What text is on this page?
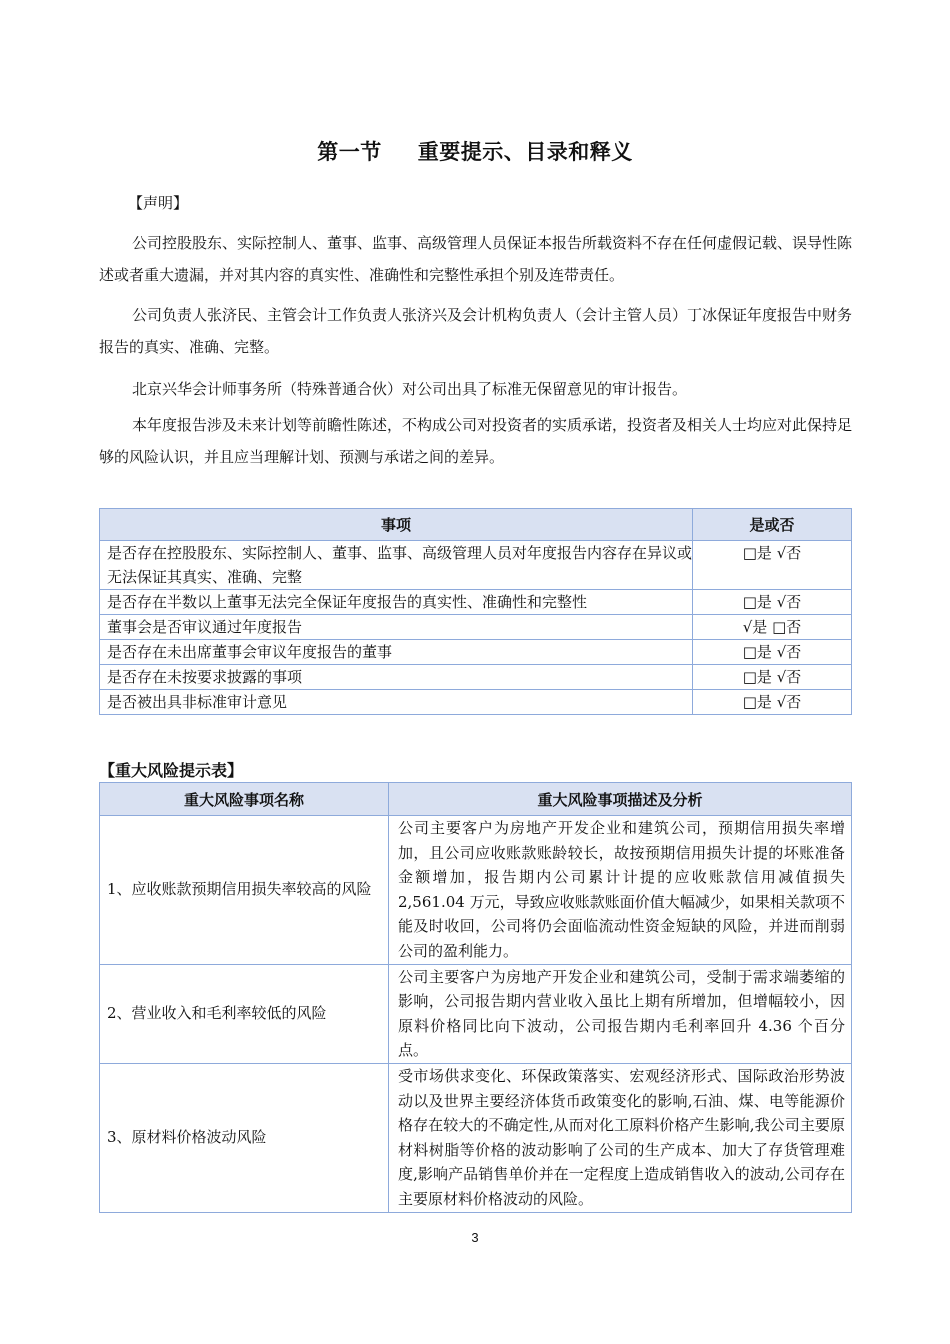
第一节 重要提示、目录和释义
【声明】
公司控股股东、实际控制人、董事、监事、高级管理人员保证本报告所载资料不存在任何虚假记载、误导性陈述或者重大遗漏，并对其内容的真实性、准确性和完整性承担个别及连带责任。
公司负责人张济民、主管会计工作负责人张济兴及会计机构负责人（会计主管人员）丁冰保证年度报告中财务报告的真实、准确、完整。
北京兴华会计师事务所（特殊普通合伙）对公司出具了标准无保留意见的审计报告。
本年度报告涉及未来计划等前瞻性陈述，不构成公司对投资者的实质承诺，投资者及相关人士均应对此保持足够的风险认识，并且应当理解计划、预测与承诺之间的差异。
事项	是或否
是否存在控股股东、实际控制人、董事、监事、高级管理人员对年度报告内容存在异议或无法保证其真实、准确、完整	□是 √否
是否存在半数以上董事无法完全保证年度报告的真实性、准确性和完整性	□是 √否
董事会是否审议通过年度报告	√是 □否
是否存在未出席董事会审议年度报告的董事	□是 √否
是否存在未按要求披露的事项	□是 √否
是否被出具非标准审计意见	□是 √否
【重大风险提示表】
重大风险事项名称	重大风险事项描述及分析
1、应收账款预期信用损失率较高的风险	公司主要客户为房地产开发企业和建筑公司，预期信用损失率增加，且公司应收账款账龄较长，故按预期信用损失计提的坏账准备金额增加，报告期内公司累计计提的应收账款信用减值损失 2,561.04 万元，导致应收账款账面价值大幅减少，如果相关款项不能及时收回，公司将仍会面临流动性资金短缺的风险，并进而削弱公司的盈利能力。
2、营业收入和毛利率较低的风险	公司主要客户为房地产开发企业和建筑公司，受制于需求端萎缩的影响，公司报告期内营业收入虽比上期有所增加，但增幅较小，因原料价格同比向下波动，公司报告期内毛利率回升 4.36 个百分点。
3、原材料价格波动风险	受市场供求变化、环保政策落实、宏观经济形式、国际政治形势波动以及世界主要经济体货币政策变化的影响,石油、煤、电等能源价格存在较大的不确定性,从而对化工原料价格产生影响,我公司主要原材料树脂等价格的波动影响了公司的生产成本、加大了存货管理难度,影响产品销售单价并在一定程度上造成销售收入的波动,公司存在主要原材料价格波动的风险。
3
